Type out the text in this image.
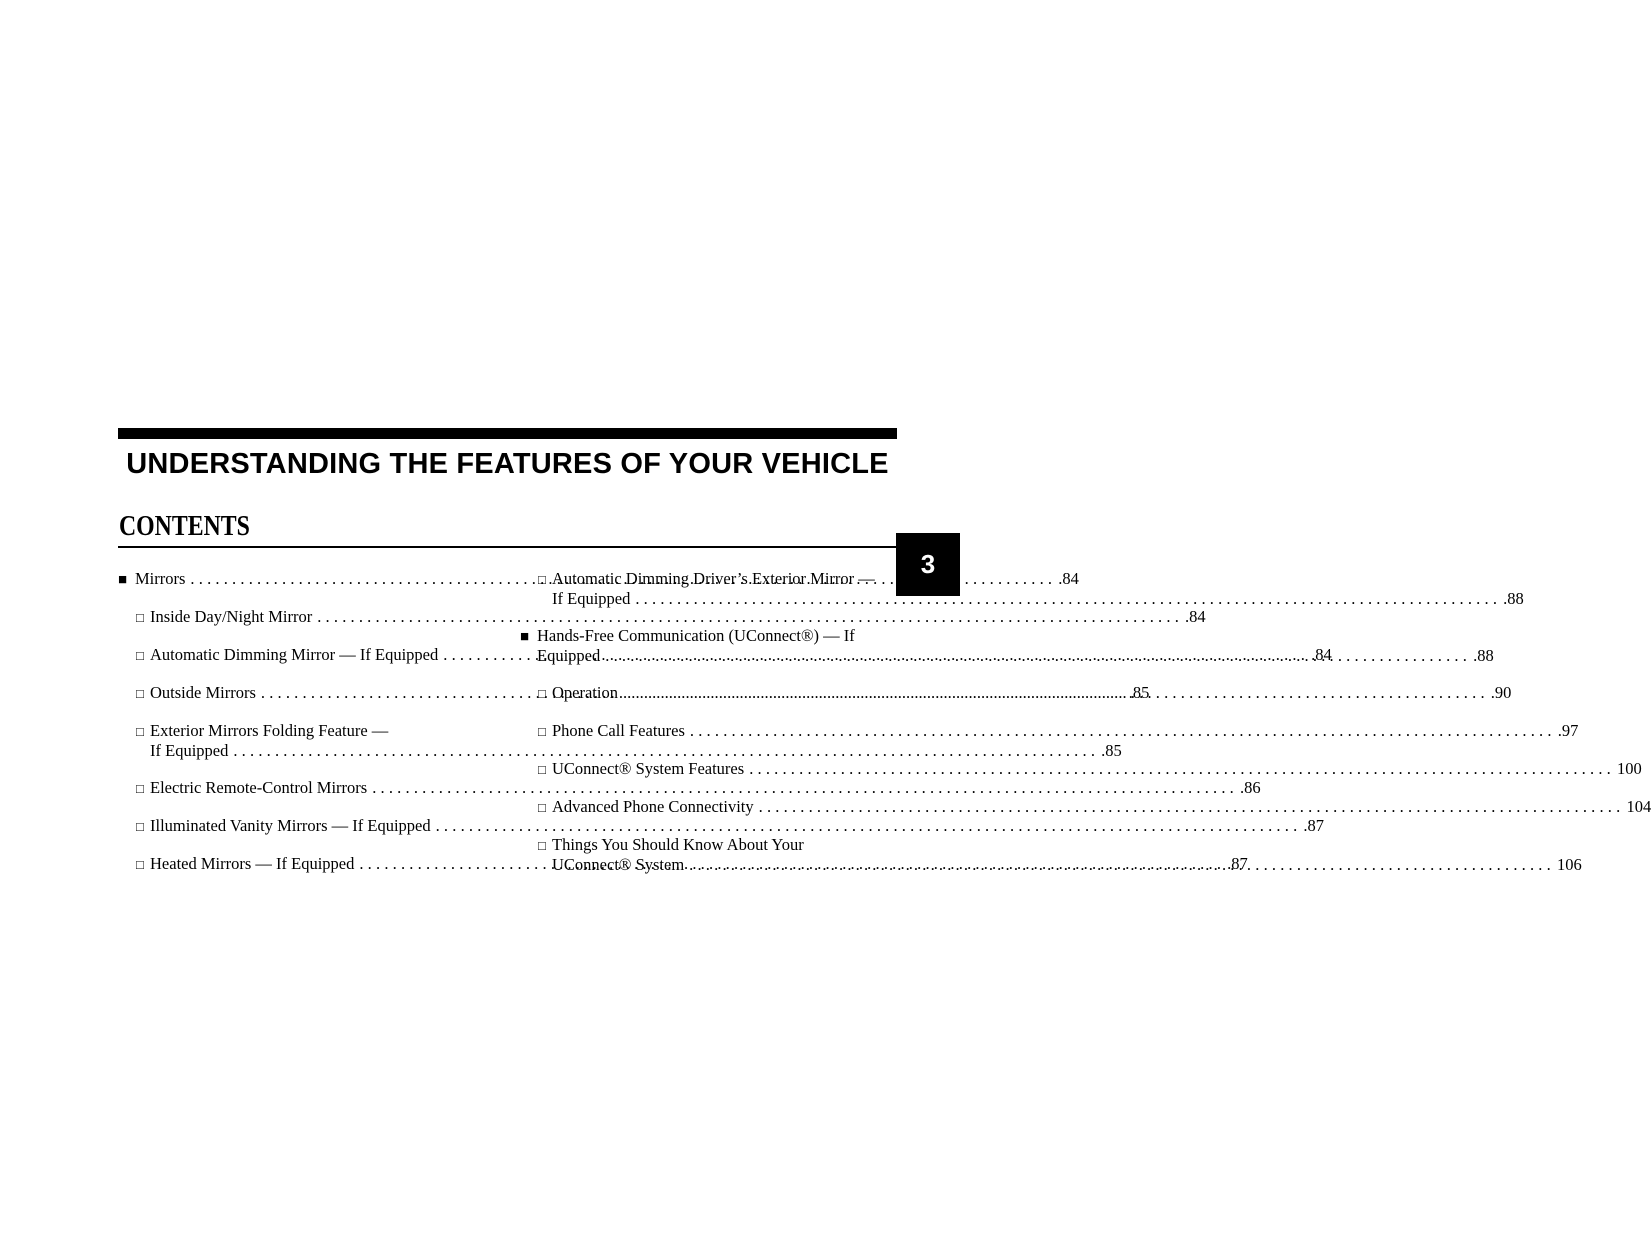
UNDERSTANDING THE FEATURES OF YOUR VEHICLE
CONTENTS
3
■ Mirrors .....	.84
□ Inside Day/Night Mirror .....	.84
□ Automatic Dimming Mirror — If Equipped .....	.84
□ Outside Mirrors .....	.85
□ Exterior Mirrors Folding Feature —
If Equipped .....	.85
□ Electric Remote-Control Mirrors .....	.86
□ Illuminated Vanity Mirrors — If Equipped .....	.87
□ Heated Mirrors — If Equipped .....	.87
□ Automatic Dimming Driver’s Exterior Mirror —
If Equipped .....	.88
■ Hands-Free Communication (UConnect®) — If
Equipped .....	.88
□ Operation .....	.90
□ Phone Call Features .....	.97
□ UConnect® System Features .....	100
□ Advanced Phone Connectivity .....	104
□ Things You Should Know About Your
UConnect® System .....	106
